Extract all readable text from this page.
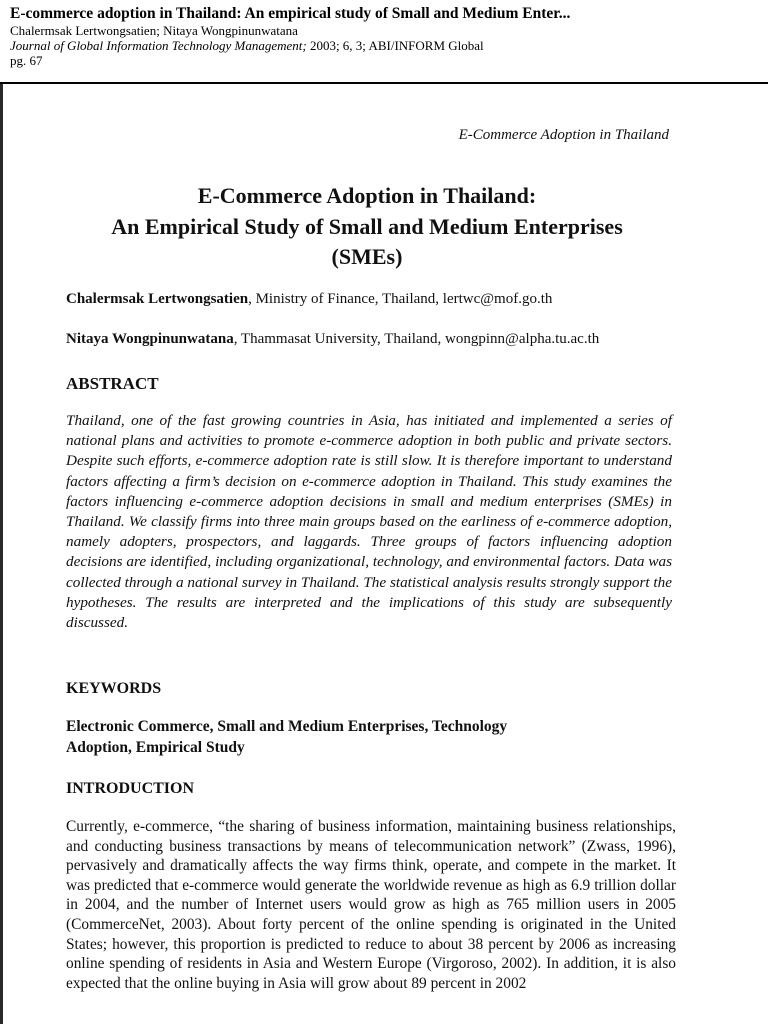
E-commerce adoption in Thailand: An empirical study of Small and Medium Enter...
Chalermsak Lertwongsatien; Nitaya Wongpinunwatana
Journal of Global Information Technology Management; 2003; 6, 3; ABI/INFORM Global
pg. 67
E-Commerce Adoption in Thailand
E-Commerce Adoption in Thailand:
An Empirical Study of Small and Medium Enterprises
(SMEs)
Chalermsak Lertwongsatien, Ministry of Finance, Thailand, lertwc@mof.go.th
Nitaya Wongpinunwatana, Thammasat University, Thailand, wongpinn@alpha.tu.ac.th
ABSTRACT
Thailand, one of the fast growing countries in Asia, has initiated and implemented a series of national plans and activities to promote e-commerce adoption in both public and private sectors. Despite such efforts, e-commerce adoption rate is still slow. It is therefore important to understand factors affecting a firm’s decision on e-commerce adoption in Thailand. This study examines the factors influencing e-commerce adoption decisions in small and medium enterprises (SMEs) in Thailand. We classify firms into three main groups based on the earliness of e-commerce adoption, namely adopters, prospectors, and laggards. Three groups of factors influencing adoption decisions are identified, including organizational, technology, and environmental factors. Data was collected through a national survey in Thailand. The statistical analysis results strongly support the hypotheses. The results are interpreted and the implications of this study are subsequently discussed.
KEYWORDS
Electronic Commerce, Small and Medium Enterprises, Technology
Adoption, Empirical Study
INTRODUCTION
Currently, e-commerce, “the sharing of business information, maintaining business relationships, and conducting business transactions by means of telecommunication network” (Zwass, 1996), pervasively and dramatically affects the way firms think, operate, and compete in the market. It was predicted that e-commerce would generate the worldwide revenue as high as 6.9 trillion dollar in 2004, and the number of Internet users would grow as high as 765 million users in 2005 (CommerceNet, 2003). About forty percent of the online spending is originated in the United States; however, this proportion is predicted to reduce to about 38 percent by 2006 as increasing online spending of residents in Asia and Western Europe (Virgoroso, 2002). In addition, it is also expected that the online buying in Asia will grow about 89 percent in 2002
